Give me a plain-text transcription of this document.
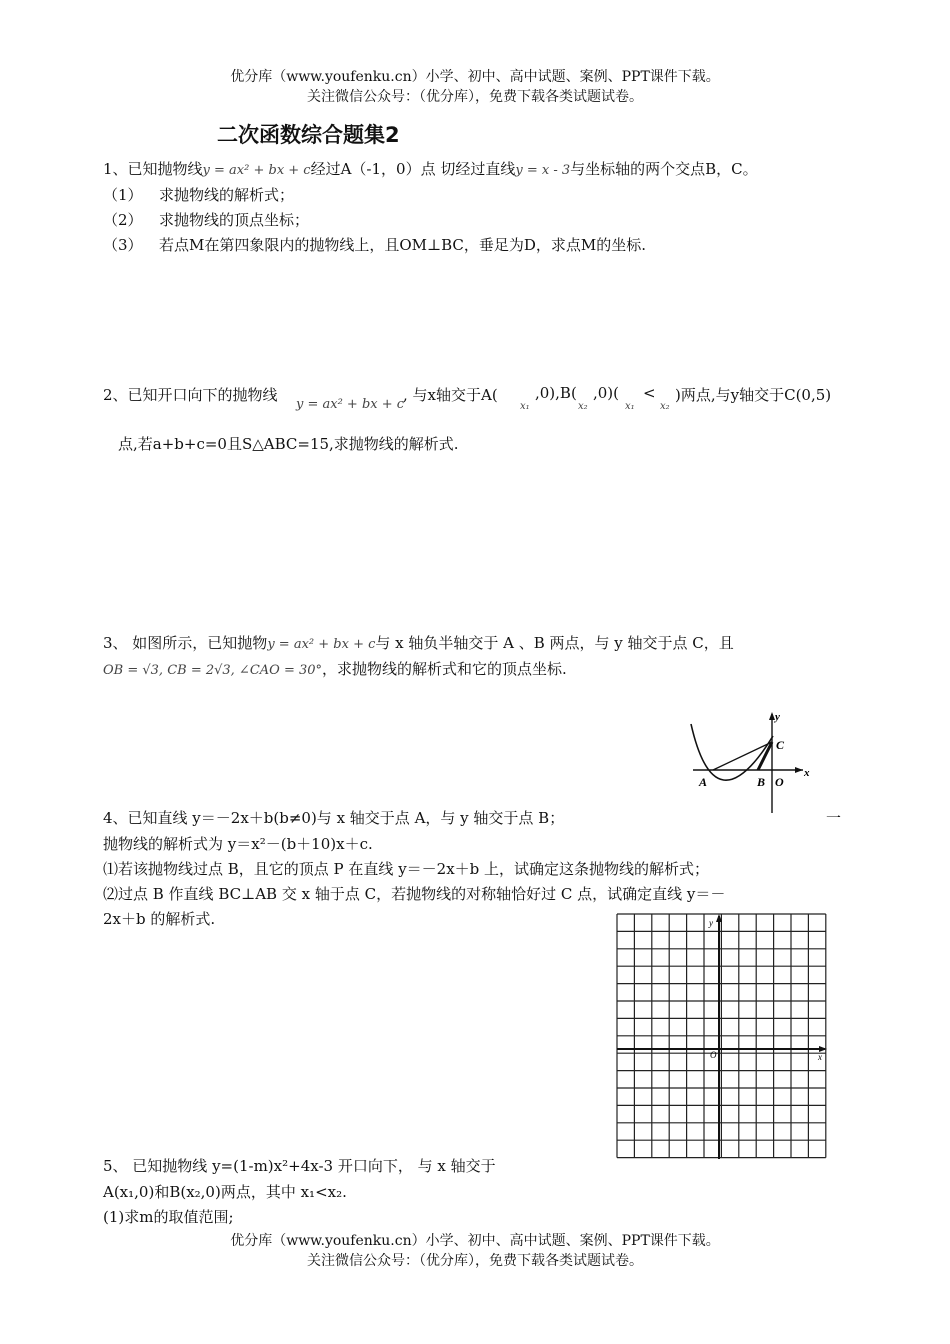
优分库（www.youfenku.cn）小学、初中、高中试题、案例、PPT课件下载。
关注微信公众号：（优分库），免费下载各类试题试卷。
二次函数综合题集2
1、已知抛物线y = ax² + bx + c经过A（-1，0）点 切经过直线y = x - 3与坐标轴的两个交点B，C。
（1） 求抛物线的解析式；
（2） 求抛物线的顶点坐标；
（3） 若点M在第四象限内的抛物线上，且OM⊥BC，垂足为D，求点M的坐标.
2、已知开口向下的抛物线
y = ax² + bx + c
, 与x轴交于A(
x₁
,0),B(
x₂
,0)(
x₁
<
x₂
)两点,与y轴交于C(0,5)
点,若a+b+c=0且S△ABC=15,求抛物线的解析式.
3、 如图所示，已知抛物y = ax² + bx + c与 x 轴负半轴交于 A 、B 两点，与 y 轴交于点 C，且
OB = √3, CB = 2√3, ∠CAO = 30°，求抛物线的解析式和它的顶点坐标.
y
x
C
A	B O
4、已知直线 y＝－2x＋b(b≠0)与 x 轴交于点 A，与 y 轴交于点 B；	一
抛物线的解析式为 y＝x²－(b＋10)x＋c.
⑴若该抛物线过点 B，且它的顶点 P 在直线 y＝－2x＋b 上，试确定这条抛物线的解析式；
⑵过点 B 作直线 BC⊥AB 交 x 轴于点 C，若抛物线的对称轴恰好过 C 点，试确定直线 y＝－
2x＋b 的解析式.	y
x
O
5、 已知抛物线 y=(1-m)x²+4x-3 开口向下， 与 x 轴交于
A(x₁,0)和B(x₂,0)两点，其中 x₁<x₂.
(1)求m的取值范围;
优分库（www.youfenku.cn）小学、初中、高中试题、案例、PPT课件下载。
关注微信公众号：（优分库），免费下载各类试题试卷。
